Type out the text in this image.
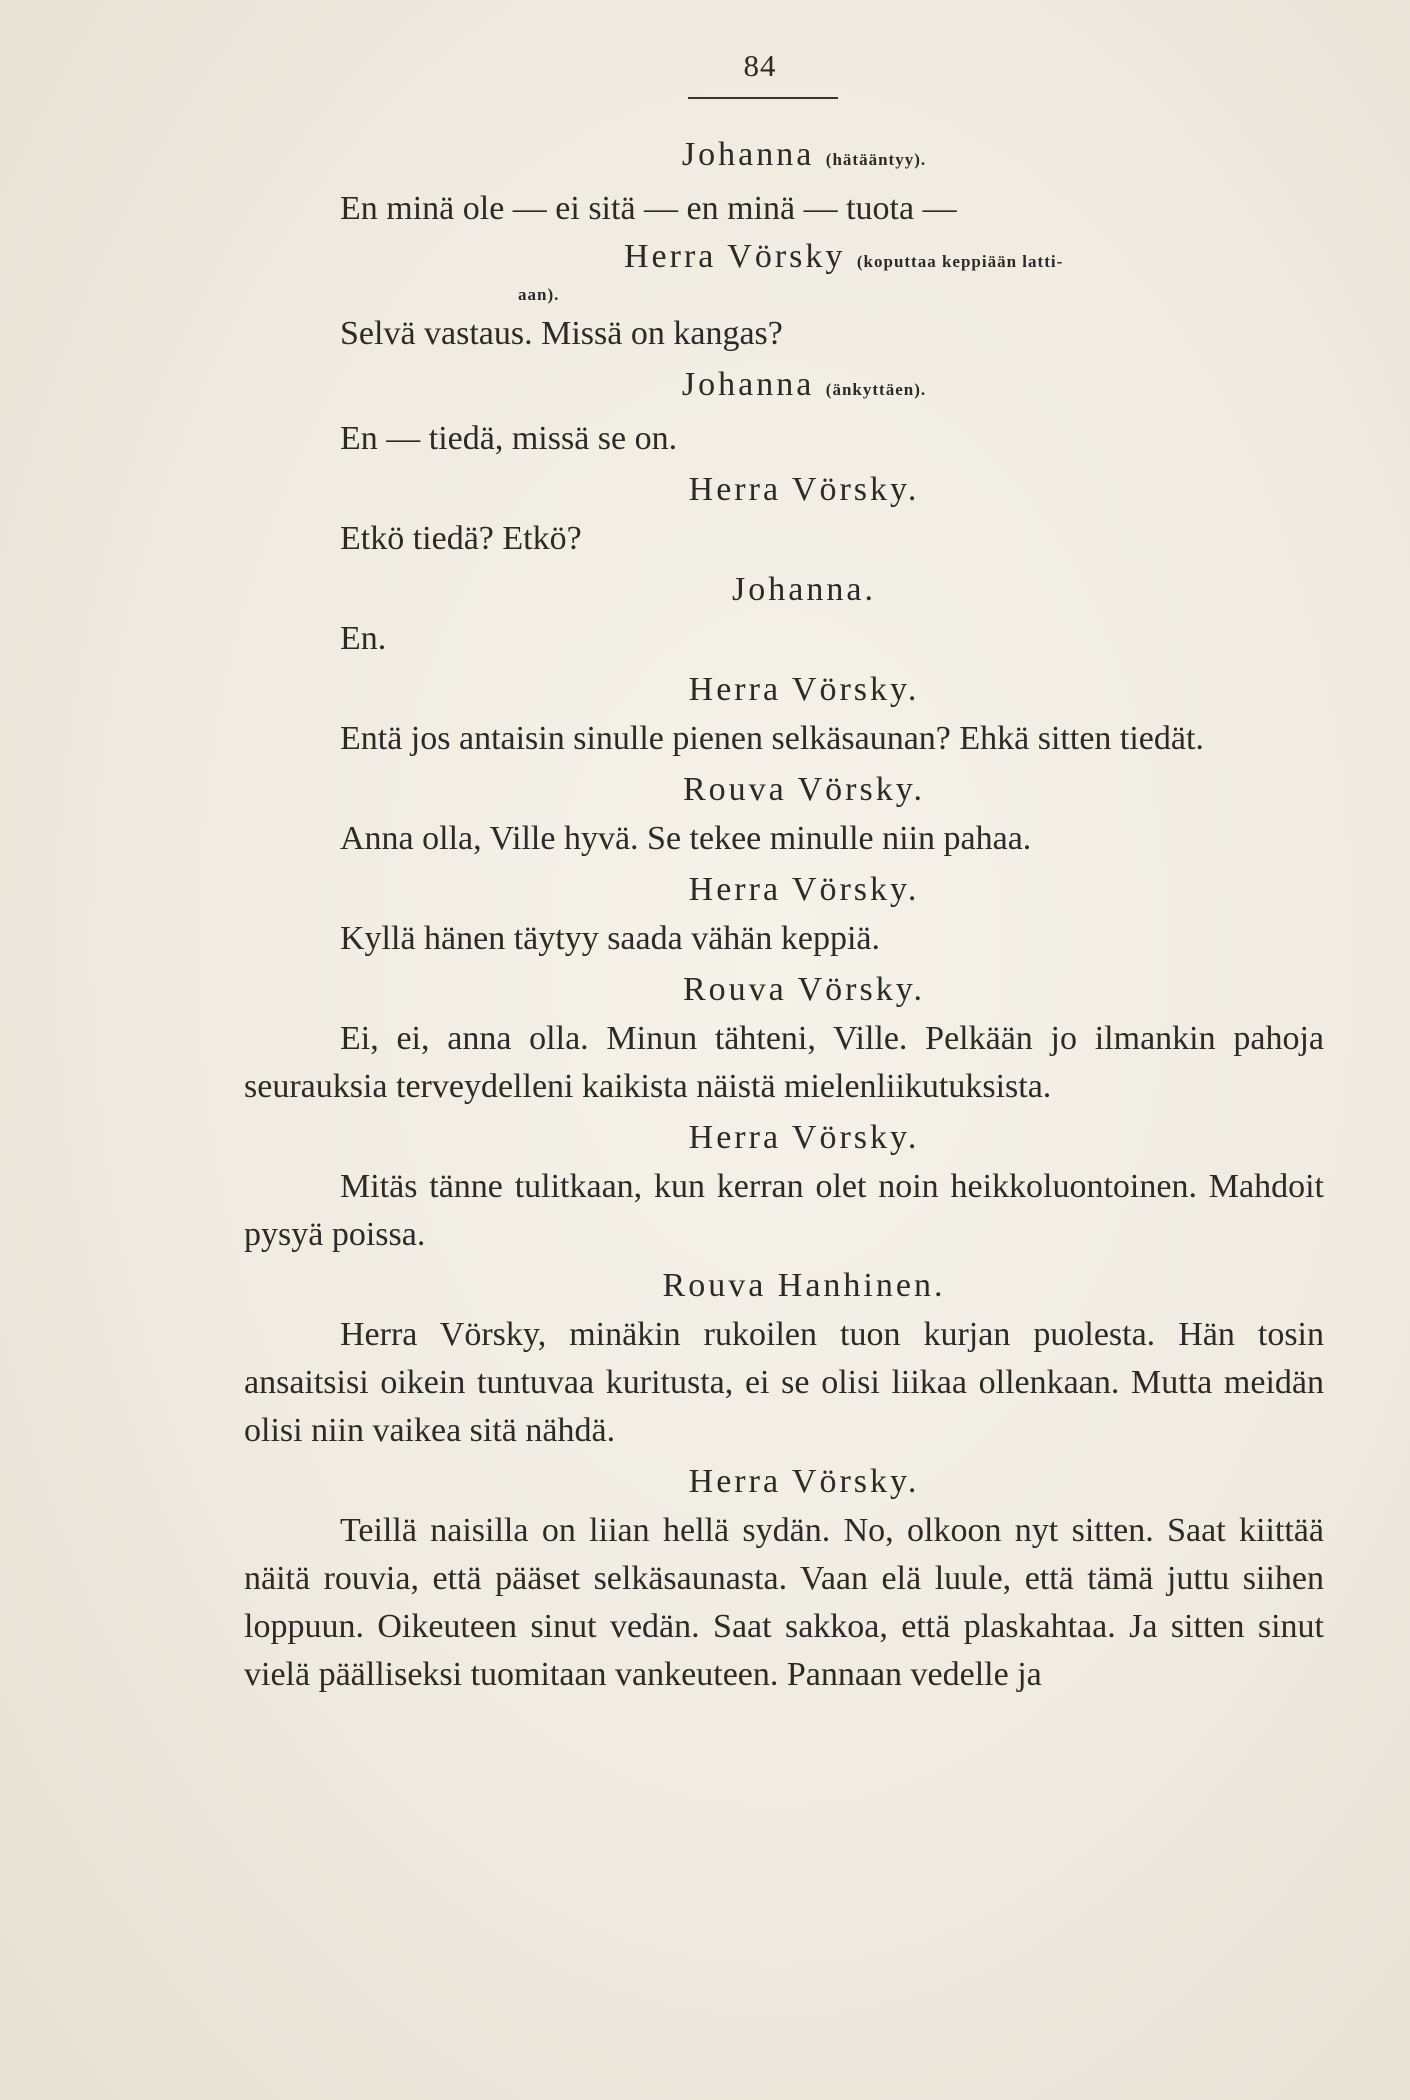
84

Johanna (hätääntyy).

En minä ole — ei sitä — en minä — tuota —

Herra Vörsky (koputtaa keppiään latti-
aan).

Selvä vastaus. Missä on kangas?

Johanna (änkyttäen).

En — tiedä, missä se on.

Herra Vörsky.

Etkö tiedä? Etkö?

Johanna.

En.

Herra Vörsky.

Entä jos antaisin sinulle pienen selkäsaunan? Ehkä sitten tiedät.

Rouva Vörsky.

Anna olla, Ville hyvä. Se tekee minulle niin pahaa.

Herra Vörsky.

Kyllä hänen täytyy saada vähän keppiä.

Rouva Vörsky.

Ei, ei, anna olla. Minun tähteni, Ville. Pelkään jo ilmankin pahoja seurauksia terveydelleni kaikista näistä mielenliikutuksista.

Herra Vörsky.

Mitäs tänne tulitkaan, kun kerran olet noin heikkoluontoinen. Mahdoit pysyä poissa.

Rouva Hanhinen.

Herra Vörsky, minäkin rukoilen tuon kurjan puolesta. Hän tosin ansaitsisi oikein tuntuvaa kuritusta, ei se olisi liikaa ollenkaan. Mutta meidän olisi niin vaikea sitä nähdä.

Herra Vörsky.

Teillä naisilla on liian hellä sydän. No, olkoon nyt sitten. Saat kiittää näitä rouvia, että pääset selkäsaunasta. Vaan elä luule, että tämä juttu siihen loppuun. Oikeuteen sinut vedän. Saat sakkoa, että plaskahtaa. Ja sitten sinut vielä päälliseksi tuomitaan vankeuteen. Pannaan vedelle ja
